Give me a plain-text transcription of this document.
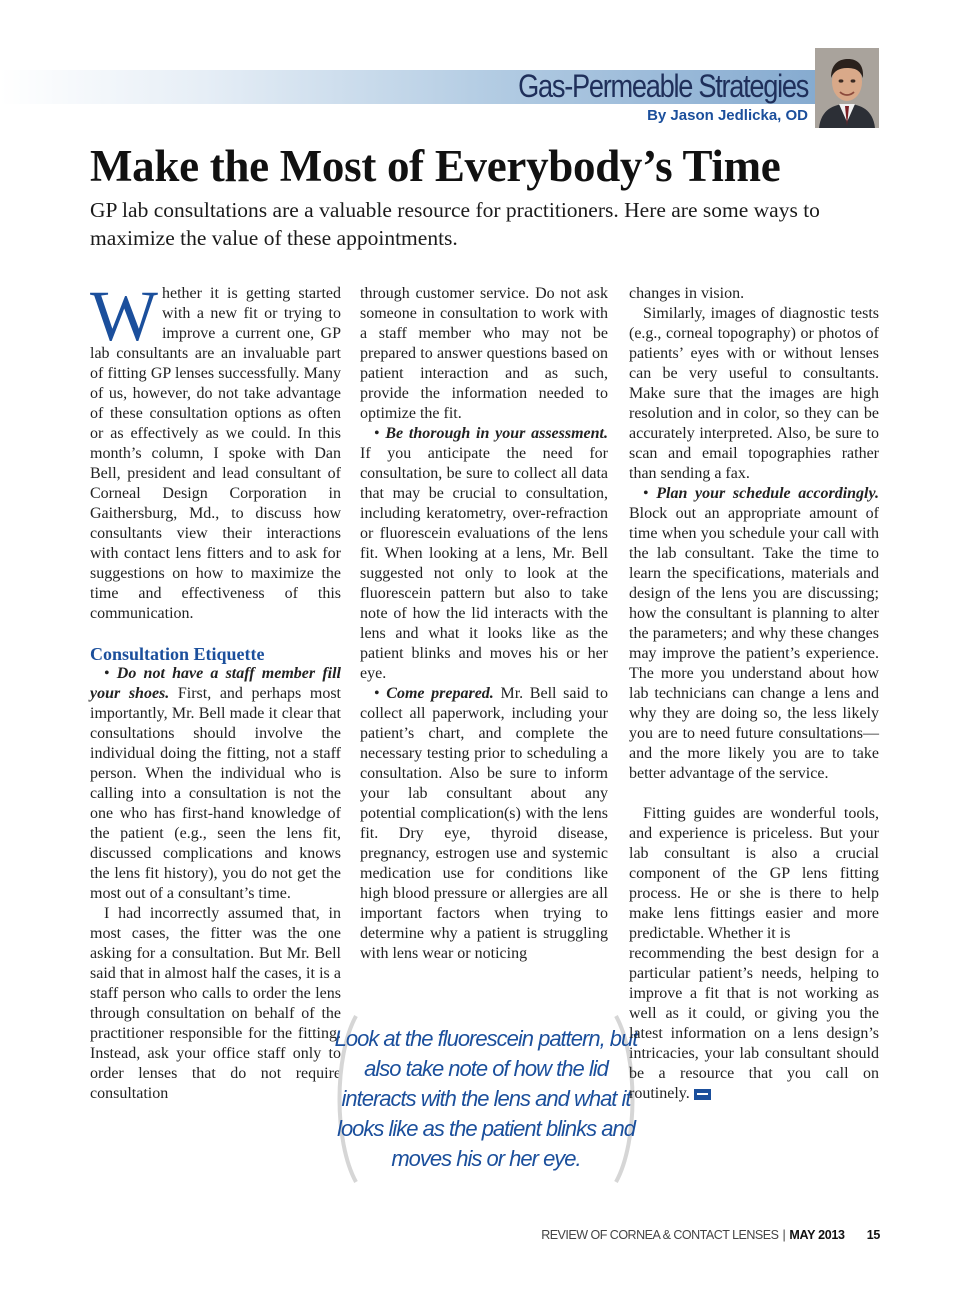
Gas-Permeable Strategies
By Jason Jedlicka, OD
Make the Most of Everybody’s Time

GP lab consultations are a valuable resource for practitioners. Here are some ways to maximize the value of these appointments.

Whether it is getting started with a new fit or trying to improve a current one, GP lab consultants are an invaluable part of fitting GP lenses successfully. Many of us, however, do not take advantage of these consultation options as often or as effectively as we could. In this month’s column, I spoke with Dan Bell, president and lead consultant of Corneal Design Corporation in Gaithersburg, Md., to discuss how consultants view their interactions with contact lens fitters and to ask for suggestions on how to maximize the time and effectiveness of this communication.

Consultation Etiquette

• Do not have a staff member fill your shoes. First, and perhaps most importantly, Mr. Bell made it clear that consultations should involve the individual doing the fitting, not a staff person. When the individual who is calling into a consultation is not the one who has first-hand knowledge of the patient (e.g., seen the lens fit, discussed complications and knows the lens fit history), you do not get the most out of a consultant’s time.

I had incorrectly assumed that, in most cases, the fitter was the one asking for a consultation. But Mr. Bell said that in almost half the cases, it is a staff person who calls to order the lens through consultation on behalf of the practitioner responsible for the fitting. Instead, ask your office staff only to order lenses that do not require consultation

through customer service. Do not ask someone in consultation to work with a staff member who may not be prepared to answer questions based on patient interaction and as such, provide the information needed to optimize the fit.

• Be thorough in your assessment. If you anticipate the need for consultation, be sure to collect all data that may be crucial to consultation, including keratometry, over-refraction or fluorescein evaluations of the lens fit. When looking at a lens, Mr. Bell suggested not only to look at the fluorescein pattern but also to take note of how the lid interacts with the lens and what it looks like as the patient blinks and moves his or her eye.

• Come prepared. Mr. Bell said to collect all paperwork, including your patient’s chart, and complete the necessary testing prior to scheduling a consultation. Also be sure to inform your lab consultant about any potential complication(s) with the lens fit. Dry eye, thyroid disease, pregnancy, estrogen use and systemic medication use for conditions like high blood pressure or allergies are all important factors when trying to determine why a patient is struggling with lens wear or noticing

Look at the fluorescein pattern, but also take note of how the lid interacts with the lens and what it looks like as the patient blinks and moves his or her eye.

changes in vision.

Similarly, images of diagnostic tests (e.g., corneal topography) or photos of patients’ eyes with or without lenses can be very useful to consultants. Make sure that the images are high resolution and in color, so they can be accurately interpreted. Also, be sure to scan and email topographies rather than sending a fax.

• Plan your schedule accordingly. Block out an appropriate amount of time when you schedule your call with the lab consultant. Take the time to learn the specifications, materials and design of the lens you are discussing; how the consultant is planning to alter the parameters; and why these changes may improve the patient’s experience. The more you understand about how lab technicians can change a lens and why they are doing so, the less likely you are to need future consultations—and the more likely you are to take better advantage of the service.

Fitting guides are wonderful tools, and experience is priceless. But your lab consultant is also a crucial component of the GP lens fitting process. He or she is there to help make lens fittings easier and more predictable. Whether it is

recommending the best design for a particular patient’s needs, helping to improve a fit that is not working as well as it could, or giving you the latest information on a lens design’s intricacies, your lab consultant should be a resource that you call on routinely.

REVIEW OF CORNEA & CONTACT LENSES | MAY 2013 15
